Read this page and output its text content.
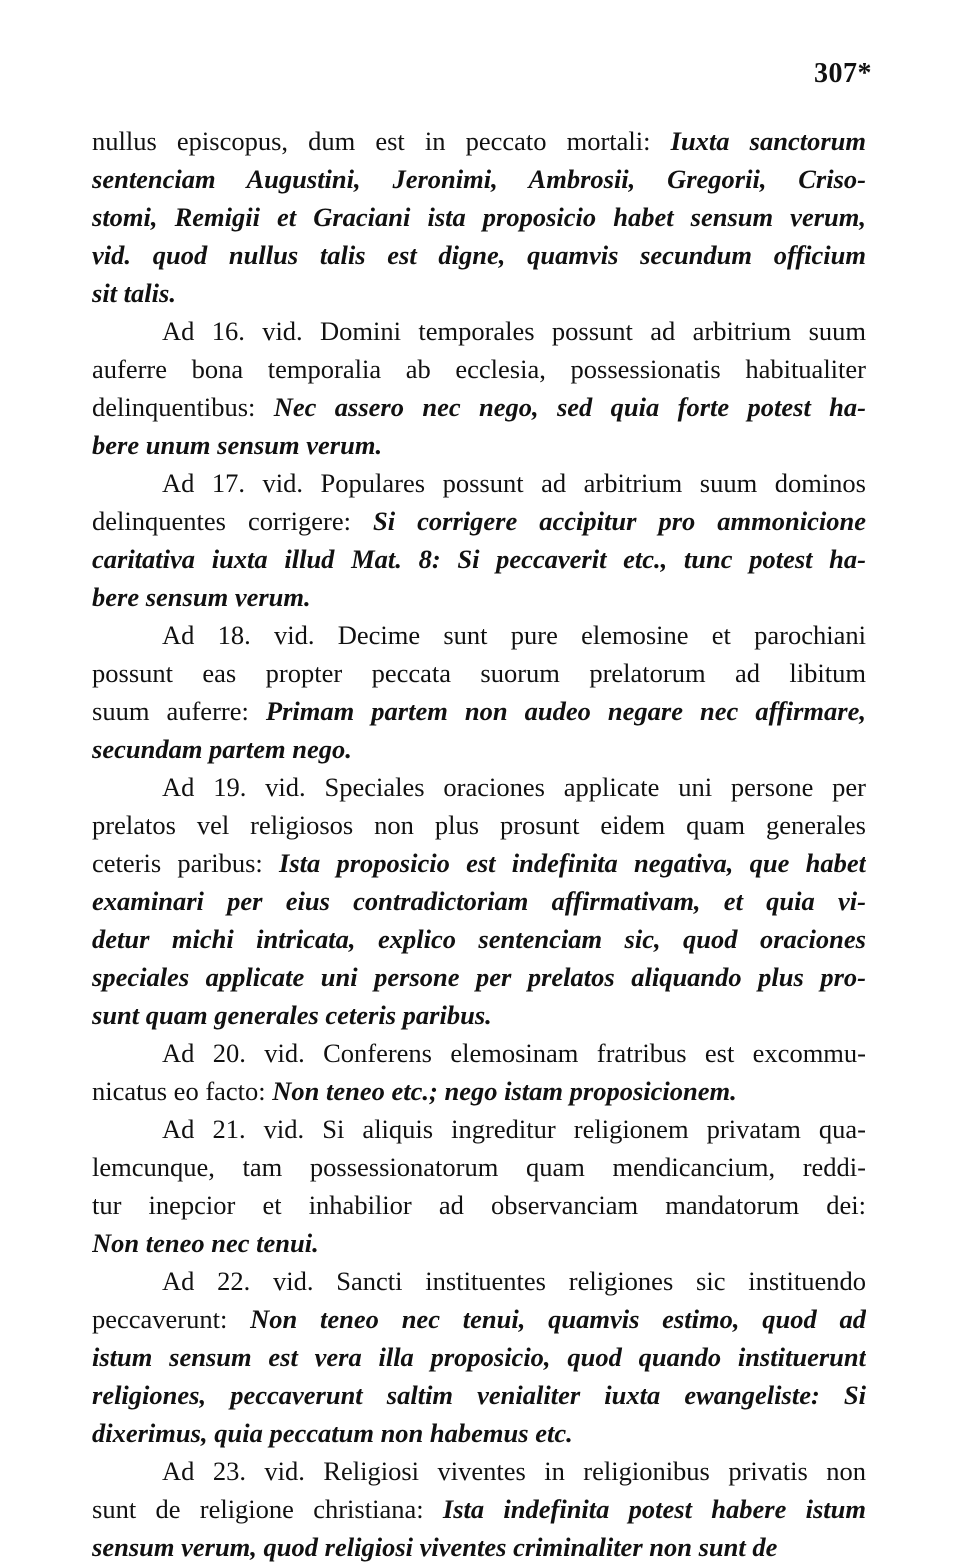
307*
nullus episcopus, dum est in peccato mortali: Iuxta sanctorum
sentenciam Augustini, Jeronimi, Ambrosii, Gregorii, Criso-
stomi, Remigii et Graciani ista proposicio habet sensum verum,
vid. quod nullus talis est digne, quamvis secundum officium
sit talis.
Ad 16. vid. Domini temporales possunt ad arbitrium suum
auferre bona temporalia ab ecclesia, possessionatis habitualiter
delinquentibus: Nec assero nec nego, sed quia forte potest ha-
bere unum sensum verum.
Ad 17. vid. Populares possunt ad arbitrium suum dominos
delinquentes corrigere: Si corrigere accipitur pro ammonicione
caritativa iuxta illud Mat. 8: Si peccaverit etc., tunc potest ha-
bere sensum verum.
Ad 18. vid. Decime sunt pure elemosine et parochiani
possunt eas propter peccata suorum prelatorum ad libitum
suum auferre: Primam partem non audeo negare nec affirmare,
secundam partem nego.
Ad 19. vid. Speciales oraciones applicate uni persone per
prelatos vel religiosos non plus prosunt eidem quam generales
ceteris paribus: Ista proposicio est indefinita negativa, que habet
examinari per eius contradictoriam affirmativam, et quia vi-
detur michi intricata, explico sentenciam sic, quod oraciones
speciales applicate uni persone per prelatos aliquando plus pro-
sunt quam generales ceteris paribus.
Ad 20. vid. Conferens elemosinam fratribus est excommu-
nicatus eo facto: Non teneo etc.; nego istam proposicionem.
Ad 21. vid. Si aliquis ingreditur religionem privatam qua-
lemcunque, tam possessionatorum quam mendicancium, reddi-
tur inepcior et inhabilior ad observanciam mandatorum dei:
Non teneo nec tenui.
Ad 22. vid. Sancti instituentes religiones sic instituendo
peccaverunt: Non teneo nec tenui, quamvis estimo, quod ad
istum sensum est vera illa proposicio, quod quando instituerunt
religiones, peccaverunt saltim venialiter iuxta ewangeliste: Si
dixerimus, quia peccatum non habemus etc.
Ad 23. vid. Religiosi viventes in religionibus privatis non
sunt de religione christiana: Ista indefinita potest habere istum
sensum verum, quod religiosi viventes criminaliter non sunt de
